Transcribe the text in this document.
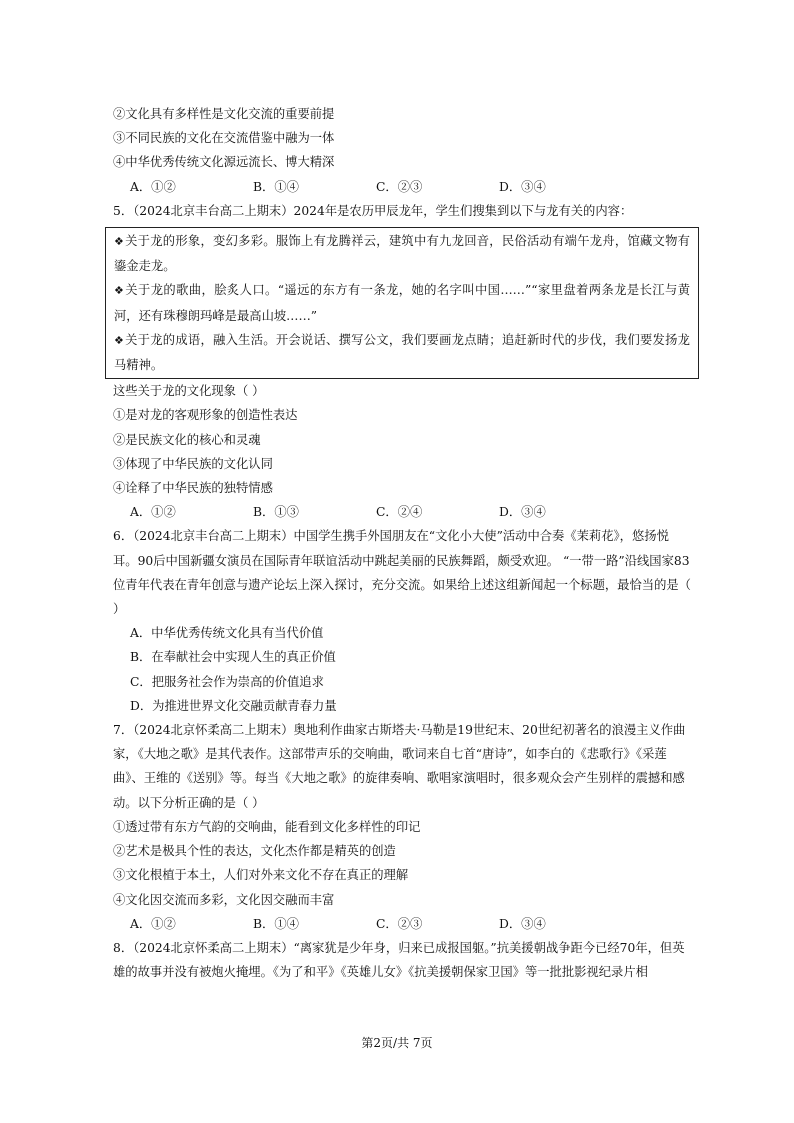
②文化具有多样性是文化交流的重要前提
③不同民族的文化在交流借鉴中融为一体
④中华优秀传统文化源远流长、博大精深
A．①②	B．①④	C．②③	D．③④
5．（2024北京丰台高二上期末）2024年是农历甲辰龙年，学生们搜集到以下与龙有关的内容：
❖关于龙的形象，变幻多彩。服饰上有龙腾祥云，建筑中有九龙回音，民俗活动有端午龙舟，馆藏文物有鎏金走龙。
❖关于龙的歌曲，脍炙人口。“遥远的东方有一条龙，她的名字叫中国……”“家里盘着两条龙是长江与黄河，还有珠穆朗玛峰是最高山坡……”
❖关于龙的成语，融入生活。开会说话、撰写公文，我们要画龙点睛；追赶新时代的步伐，我们要发扬龙马精神。
这些关于龙的文化现象（ ）
①是对龙的客观形象的创造性表达
②是民族文化的核心和灵魂
③体现了中华民族的文化认同
④诠释了中华民族的独特情感
A．①②	B．①③	C．②④	D．③④
6．（2024北京丰台高二上期末）中国学生携手外国朋友在“文化小大使”活动中合奏《茉莉花》，悠扬悦耳。90后中国新疆女演员在国际青年联谊活动中跳起美丽的民族舞蹈，颇受欢迎。 “一带一路”沿线国家83位青年代表在青年创意与遗产论坛上深入探讨，充分交流。如果给上述这组新闻起一个标题，最恰当的是（ ）
A．中华优秀传统文化具有当代价值
B．在奉献社会中实现人生的真正价值
C．把服务社会作为崇高的价值追求
D．为推进世界文化交融贡献青春力量
7．（2024北京怀柔高二上期末）奥地利作曲家古斯塔夫·马勒是19世纪末、20世纪初著名的浪漫主义作曲家，《大地之歌》是其代表作。这部带声乐的交响曲，歌词来自七首“唐诗”，如李白的《悲歌行》《采莲曲》、王维的《送别》等。每当《大地之歌》的旋律奏响、歌唱家演唱时，很多观众会产生别样的震撼和感动。以下分析正确的是（ ）
①透过带有东方气韵的交响曲，能看到文化多样性的印记
②艺术是极具个性的表达，文化杰作都是精英的创造
③文化根植于本土，人们对外来文化不存在真正的理解
④文化因交流而多彩，文化因交融而丰富
A．①②	B．①④	C．②③	D．③④
8．（2024北京怀柔高二上期末）“离家犹是少年身，归来已成报国躯。”抗美援朝战争距今已经70年，但英雄的故事并没有被炮火掩埋。《为了和平》《英雄儿女》《抗美援朝保家卫国》等一批批影视纪录片相
第2页/共 7页
